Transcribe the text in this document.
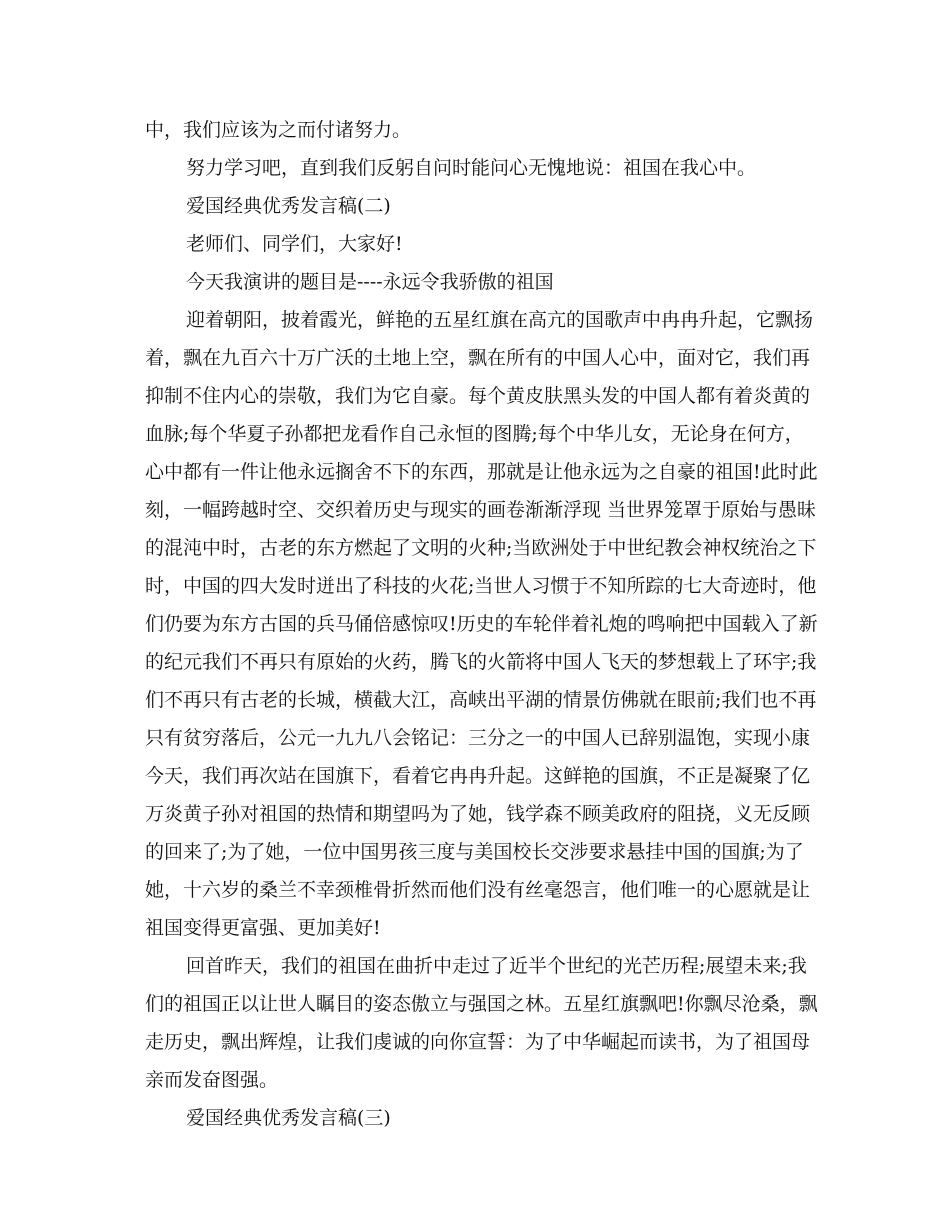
中，我们应该为之而付诸努力。
努力学习吧，直到我们反躬自问时能问心无愧地说：祖国在我心中。
爱国经典优秀发言稿(二)
老师们、同学们，大家好!
今天我演讲的题目是----永远令我骄傲的祖国
迎着朝阳，披着霞光，鲜艳的五星红旗在高亢的国歌声中冉冉升起，它飘扬
着，飘在九百六十万广沃的土地上空，飘在所有的中国人心中，面对它，我们再
抑制不住内心的崇敬，我们为它自豪。每个黄皮肤黑头发的中国人都有着炎黄的
血脉;每个华夏子孙都把龙看作自己永恒的图腾;每个中华儿女，无论身在何方，
心中都有一件让他永远搁舍不下的东西，那就是让他永远为之自豪的祖国!此时此
刻，一幅跨越时空、交织着历史与现实的画卷渐渐浮现 当世界笼罩于原始与愚昧
的混沌中时，古老的东方燃起了文明的火种;当欧洲处于中世纪教会神权统治之下
时，中国的四大发时迸出了科技的火花;当世人习惯于不知所踪的七大奇迹时，他
们仍要为东方古国的兵马俑倍感惊叹!历史的车轮伴着礼炮的鸣响把中国载入了新
的纪元我们不再只有原始的火药，腾飞的火箭将中国人飞天的梦想载上了环宇;我
们不再只有古老的长城，横截大江，高峡出平湖的情景仿佛就在眼前;我们也不再
只有贫穷落后，公元一九九八会铭记：三分之一的中国人已辞别温饱，实现小康
今天，我们再次站在国旗下，看着它冉冉升起。这鲜艳的国旗，不正是凝聚了亿
万炎黄子孙对祖国的热情和期望吗为了她，钱学森不顾美政府的阻挠，义无反顾
的回来了;为了她，一位中国男孩三度与美国校长交涉要求悬挂中国的国旗;为了
她，十六岁的桑兰不幸颈椎骨折然而他们没有丝毫怨言，他们唯一的心愿就是让
祖国变得更富强、更加美好!
回首昨天，我们的祖国在曲折中走过了近半个世纪的光芒历程;展望未来;我
们的祖国正以让世人瞩目的姿态傲立与强国之林。五星红旗飘吧!你飘尽沧桑，飘
走历史，飘出辉煌，让我们虔诚的向你宣誓：为了中华崛起而读书，为了祖国母
亲而发奋图强。
爱国经典优秀发言稿(三)
